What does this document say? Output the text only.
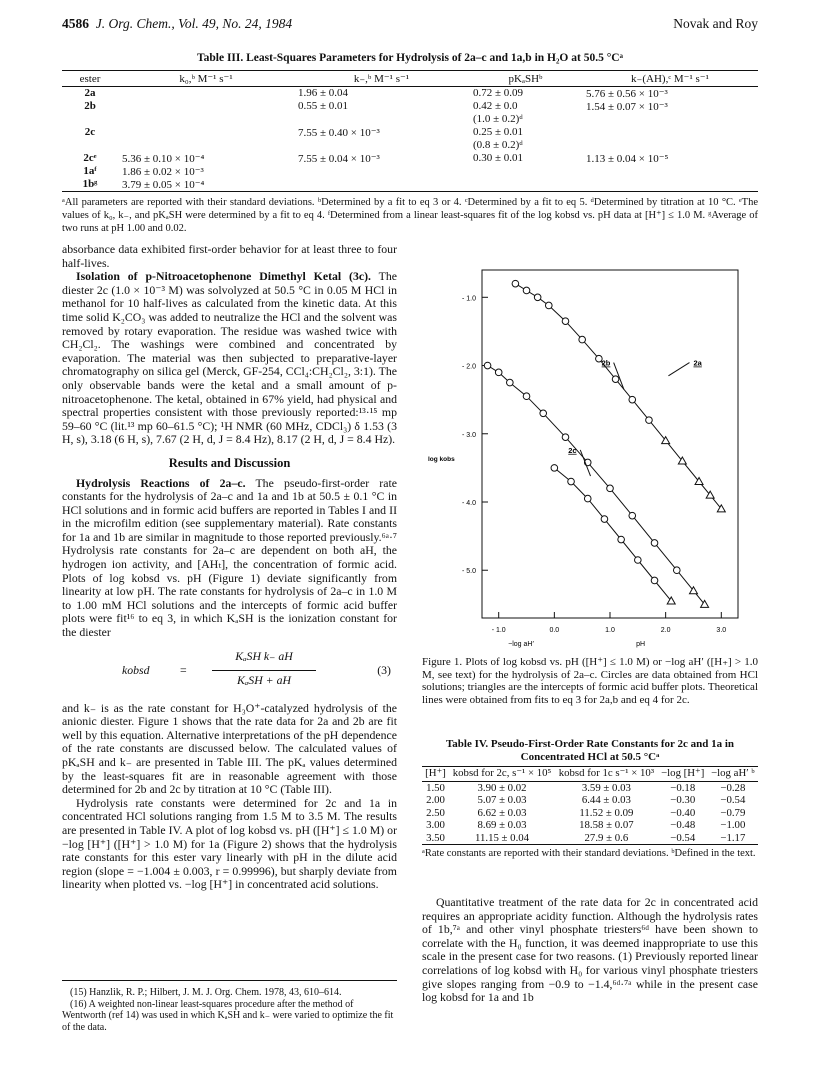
4586 J. Org. Chem., Vol. 49, No. 24, 1984	Novak and Roy
Table III. Least-Squares Parameters for Hydrolysis of 2a–c and 1a,b in H₂O at 50.5 °Cᵃ
ester	k₀,ᵇ M⁻¹ s⁻¹	k₋,ᵇ M⁻¹ s⁻¹	pKₐSHᵇ	k₋(AH),ᶜ M⁻¹ s⁻¹
2a		1.96 ± 0.04	0.72 ± 0.09	5.76 ± 0.56 × 10⁻³
2b		0.55 ± 0.01	0.42 ± 0.0	1.54 ± 0.07 × 10⁻³
			(1.0 ± 0.2)ᵈ	
2c		7.55 ± 0.40 × 10⁻³	0.25 ± 0.01	
			(0.8 ± 0.2)ᵈ	
2cᵉ	5.36 ± 0.10 × 10⁻⁴	7.55 ± 0.04 × 10⁻³	0.30 ± 0.01	1.13 ± 0.04 × 10⁻⁵
1aᶠ	1.86 ± 0.02 × 10⁻³			
1bᵍ	3.79 ± 0.05 × 10⁻⁴			
ᵃAll parameters are reported with their standard deviations. ᵇDetermined by a fit to eq 3 or 4. ᶜDetermined by a fit to eq 5. ᵈDetermined by titration at 10 °C. ᵉThe values of k₀, k₋, and pKₐSH were determined by a fit to eq 4. ᶠDetermined from a linear least-squares fit of the log kobsd vs. pH data at [H⁺] ≤ 1.0 M. ᵍAverage of two runs at pH 1.00 and 0.02.

absorbance data exhibited first-order behavior for at least three to four half-lives.

Isolation of p-Nitroacetophenone Dimethyl Ketal (3c). The diester 2c (1.0 × 10⁻³ M) was solvolyzed at 50.5 °C in 0.05 M HCl in methanol for 10 half-lives as calculated from the kinetic data. At this time solid K₂CO₃ was added to neutralize the HCl and the solvent was removed by rotary evaporation. The residue was washed twice with CH₂Cl₂. The washings were combined and concentrated by evaporation. The material was then subjected to preparative-layer chromatography on silica gel (Merck, GF-254, CCl₄:CH₂Cl₂, 3:1). The only observable bands were the ketal and a small amount of p-nitroacetophenone. The ketal, obtained in 67% yield, had physical and spectral properties consistent with those previously reported:¹³·¹⁵ mp 59–60 °C (lit.¹³ mp 60–61.5 °C); ¹H NMR (60 MHz, CDCl₃) δ 1.53 (3 H, s), 3.18 (6 H, s), 7.67 (2 H, d, J = 8.4 Hz), 8.17 (2 H, d, J = 8.4 Hz).

Results and Discussion

Hydrolysis Reactions of 2a–c. The pseudo-first-order rate constants for the hydrolysis of 2a–c and 1a and 1b at 50.5 ± 0.1 °C in HCl solutions and in formic acid buffers are reported in Tables I and II in the microfilm edition (see supplementary material). Rate constants for 1a and 1b are similar in magnitude to those reported previously.⁶ᵃ·⁷ Hydrolysis rate constants for 2a–c are dependent on both aH, the hydrogen ion activity, and [AHₜ], the concentration of formic acid. Plots of log kobsd vs. pH (Figure 1) deviate significantly from linearity at low pH. The rate constants for hydrolysis of 2a–c in 1.0 M to 1.00 mM HCl solutions and the intercepts of formic acid buffer plots were fit¹⁶ to eq 3, in which KₐSH is the ionization constant for the diester

kobsd	=
KₐSH k₋ aH
KₐSH + aH
(3)

and k₋ is as the rate constant for H₃O⁺-catalyzed hydrolysis of the anionic diester. Figure 1 shows that the rate data for 2a and 2b are fit well by this equation. Alternative interpretations of the pH dependence of the rate constants are discussed below. The calculated values of pKₐSH and k₋ are presented in Table III. The pKₐ values determined by the least-squares fit are in reasonable agreement with those determined for 2b and 2c by titration at 10 °C (Table III).

Hydrolysis rate constants were determined for 2c and 1a in concentrated HCl solutions ranging from 1.5 M to 3.5 M. The results are presented in Table IV. A plot of log kobsd vs. pH ([H⁺] ≤ 1.0 M) or −log [H⁺] ([H⁺] > 1.0 M) for 1a (Figure 2) shows that the hydrolysis rate constants for this ester vary linearly with pH in the dilute acid region (slope = −1.004 ± 0.003, r = 0.99996), but sharply deviate from linearity when plotted vs. −log [H⁺] in concentrated acid solutions.

(15) Hanzlik, R. P.; Hilbert, J. M. J. Org. Chem. 1978, 43, 610–614.
(16) A weighted non-linear least-squares procedure after the method of Wentworth (ref 14) was used in which KₐSH and k₋ were varied to optimize the fit of the data.
- 1.0
- 2.0
- 3.0
- 4.0
- 5.0
- 1.0	0.0	1.0	2.0	3.0
log kobs
−log aH′	pH
2b	2a
2c
Figure 1. Plots of log kobsd vs. pH ([H⁺] ≤ 1.0 M) or −log aH′ ([H₊] > 1.0 M, see text) for the hydrolysis of 2a–c. Circles are data obtained from HCl solutions; triangles are the intercepts of formic acid buffer plots. Theoretical lines were obtained from fits to eq 3 for 2a,b and eq 4 for 2c.
Table IV. Pseudo-First-Order Rate Constants for 2c and 1a in Concentrated HCl at 50.5 °Cᵃ
[H⁺]	kobsd for 2c, s⁻¹ × 10⁵	kobsd for 1c s⁻¹ × 10³	−log [H⁺]	−log aH′ ᵇ
1.50	3.90 ± 0.02	3.59 ± 0.03	−0.18	−0.28
2.00	5.07 ± 0.03	6.44 ± 0.03	−0.30	−0.54
2.50	6.62 ± 0.03	11.52 ± 0.09	−0.40	−0.79
3.00	8.69 ± 0.03	18.58 ± 0.07	−0.48	−1.00
3.50	11.15 ± 0.04	27.9 ± 0.6	−0.54	−1.17
ᵃRate constants are reported with their standard deviations. ᵇDefined in the text.
Quantitative treatment of the rate data for 2c in concentrated acid requires an appropriate acidity function. Although the hydrolysis rates of 1b,⁷ᵃ and other vinyl phosphate triesters⁶ᵈ have been shown to correlate with the H₀ function, it was deemed inappropriate to use this scale in the present case for two reasons. (1) Previously reported linear correlations of log kobsd with H₀ for various vinyl phosphate triesters give slopes ranging from −0.9 to −1.4,⁶ᵈ·⁷ᵃ while in the present case log kobsd for 1a and 1b
